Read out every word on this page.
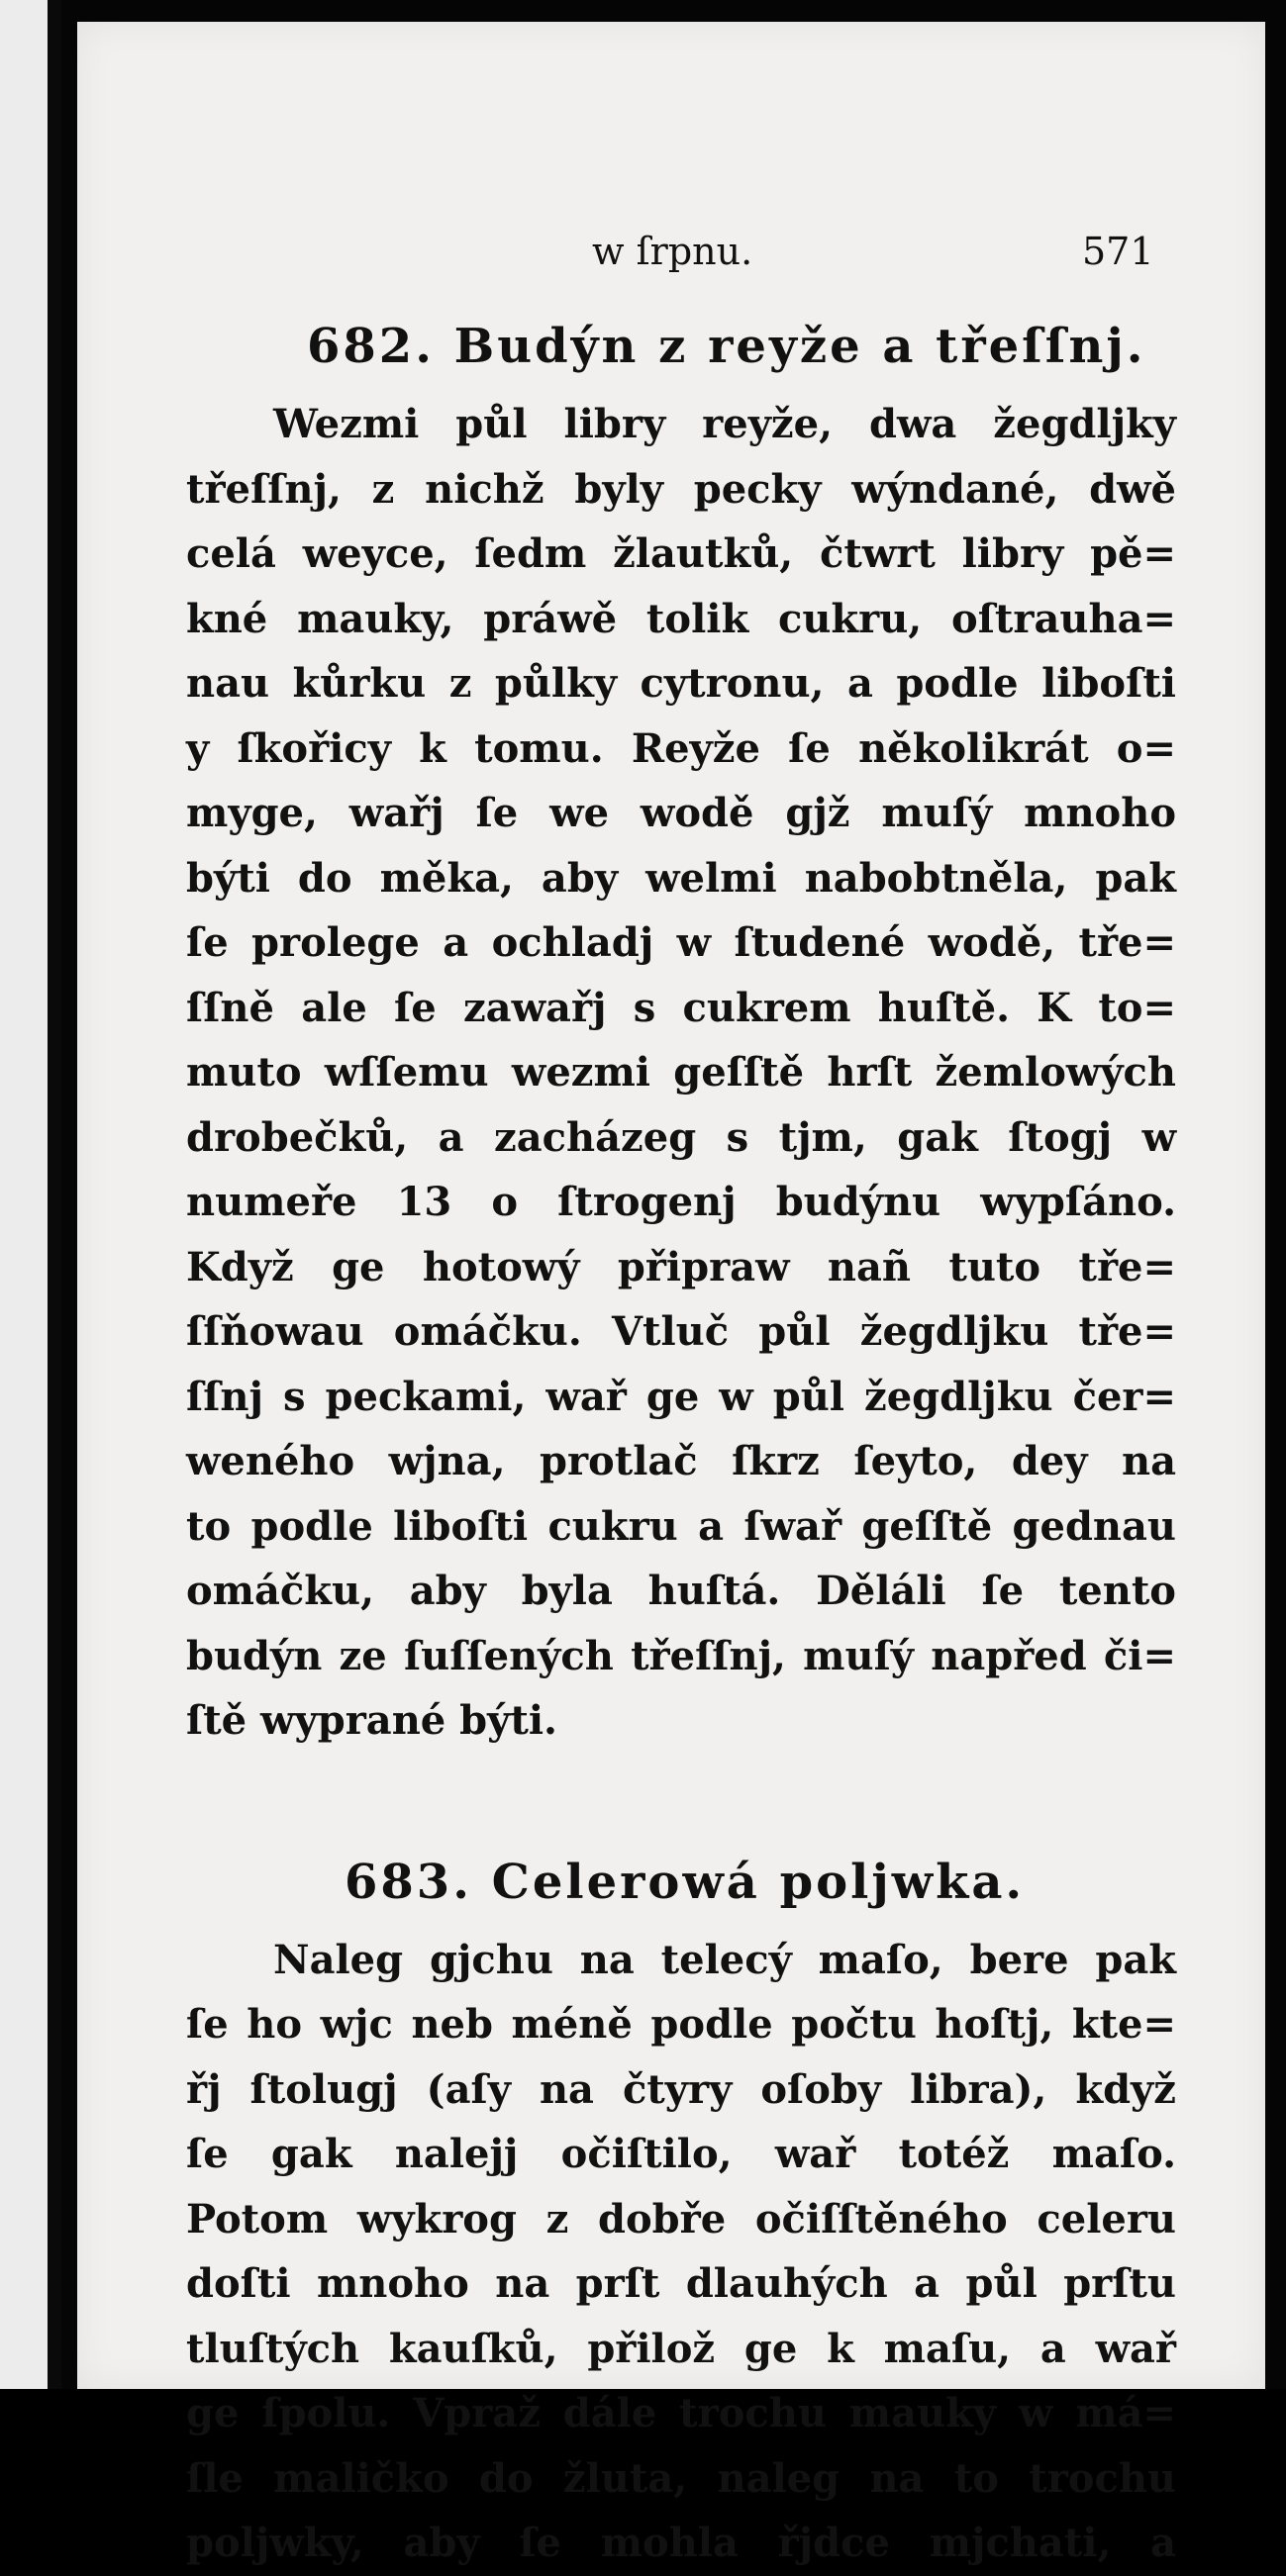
w ſrpnu.	571
682. Budýn z reyže a třeſſnj.
Wezmi půl libry reyže, dwa žegdljky
třeſſnj, z nichž byly pecky wýndané, dwě
celá weyce, ſedm žlautků, čtwrt libry pě=
kné mauky, práwě tolik cukru, oſtrauha=
nau kůrku z půlky cytronu, a podle liboſti
y ſkořicy k tomu. Reyže ſe několikrát o=
myge, wařj ſe we wodě gjž muſý mnoho
býti do měka, aby welmi nabobtněla, pak
ſe prolege a ochladj w ſtudené wodě, tře=
ſſně ale ſe zawařj s cukrem huſtě. K to=
muto wſſemu wezmi geſſtě hrſt žemlowých
drobečků, a zacházeg s tjm, gak ſtogj w
numeře 13 o ſtrogenj budýnu wypſáno.
Když ge hotowý připraw nañ tuto tře=
ſſňowau omáčku. Vtluč půl žegdljku tře=
ſſnj s peckami, wař ge w půl žegdljku čer=
weného wjna, protlač ſkrz ſeyto, dey na
to podle liboſti cukru a ſwař geſſtě gednau
omáčku, aby byla huſtá. Děláli ſe tento
budýn ze ſuſſených třeſſnj, muſý napřed či=
ſtě wyprané býti.
683. Celerowá poljwka.
Naleg gjchu na telecý maſo, bere pak
ſe ho wjc neb méně podle počtu hoſtj, kte=
řj ſtolugj (aſy na čtyry oſoby libra), když
ſe gak nalejj očiſtilo, wař totéž maſo.
Potom wykrog z dobře očiſſtěného celeru
doſti mnoho na prſt dlauhých a půl prſtu
tluſtých kauſků, přilož ge k maſu, a wař
ge ſpolu. Vpraž dále trochu mauky w má=
ſle maličko do žluta, naleg na to trochu
poljwky, aby ſe mohla řjdce mjchati, a
